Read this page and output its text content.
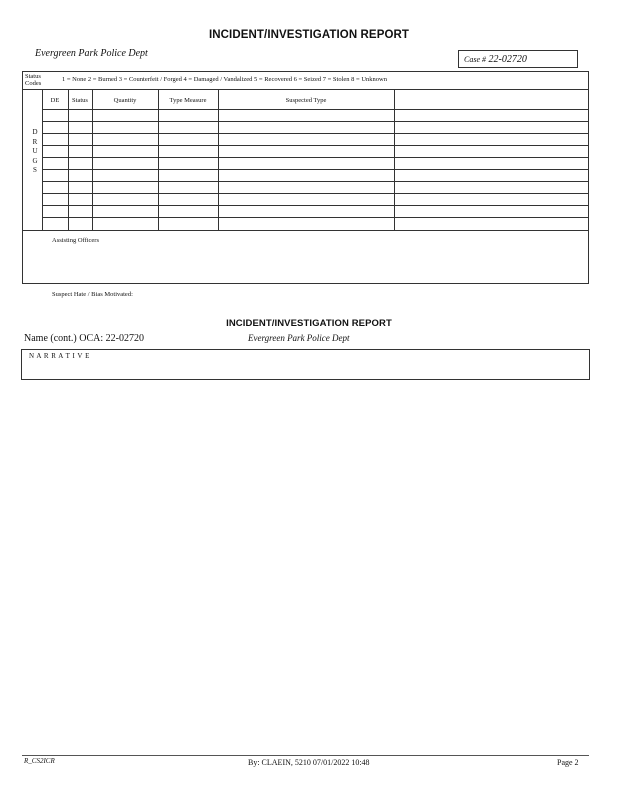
INCIDENT/INVESTIGATION REPORT
Evergreen Park Police Dept
Case # 22-02720
Status Codes
1 = None 2 = Burned 3 = Counterfeit / Forged 4 = Damaged / Vandalized 5 = Recovered 6 = Seized 7 = Stolen 8 = Unknown
DE	Status	Quantity	Type Measure	Suspected Type
D
R
U
G
S
Assisting Officers
Suspect Hate / Bias Motivated:
INCIDENT/INVESTIGATION REPORT
Name (cont.) OCA: 22-02720	Evergreen Park Police Dept
N A R R A T I V E
R_CS2ICR	By: CLAEIN, 5210 07/01/2022 10:48	Page 2
